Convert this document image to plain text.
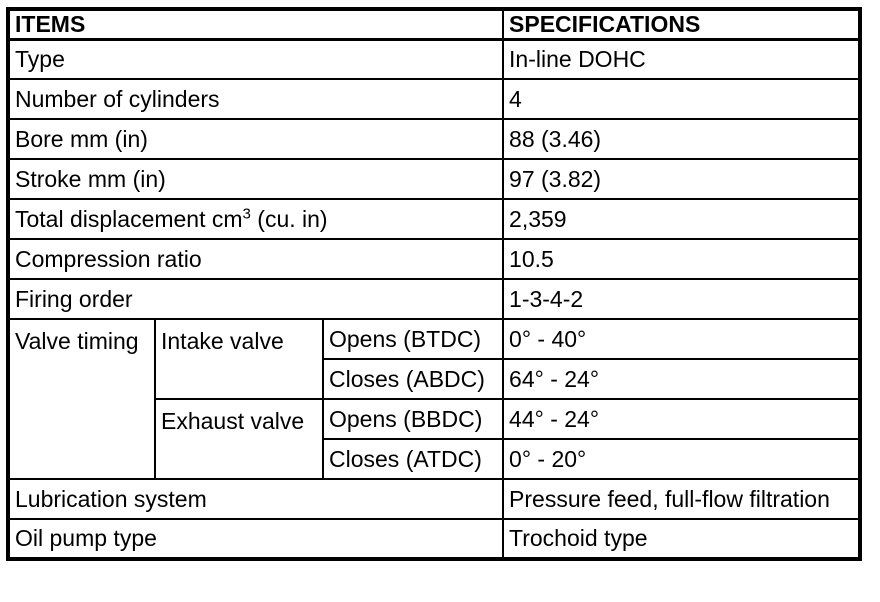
ITEMS			SPECIFICATIONS
Type			In-line DOHC
Number of cylinders			4
Bore mm (in)			88 (3.46)
Stroke mm (in)			97 (3.82)
Total displacement $cm^3$ (cu. in)			2,359
Compression ratio			10.5
Firing order			1-3-4-2
Valve timing	Intake valve	Opens (BTDC)	0° - 40°
		Closes (ABDC)	64° - 24°
	Exhaust valve	Opens (BBDC)	44° - 24°
		Closes (ATDC)	0° - 20°
Lubrication system			Pressure feed, full-flow filtration
Oil pump type			Trochoid type
